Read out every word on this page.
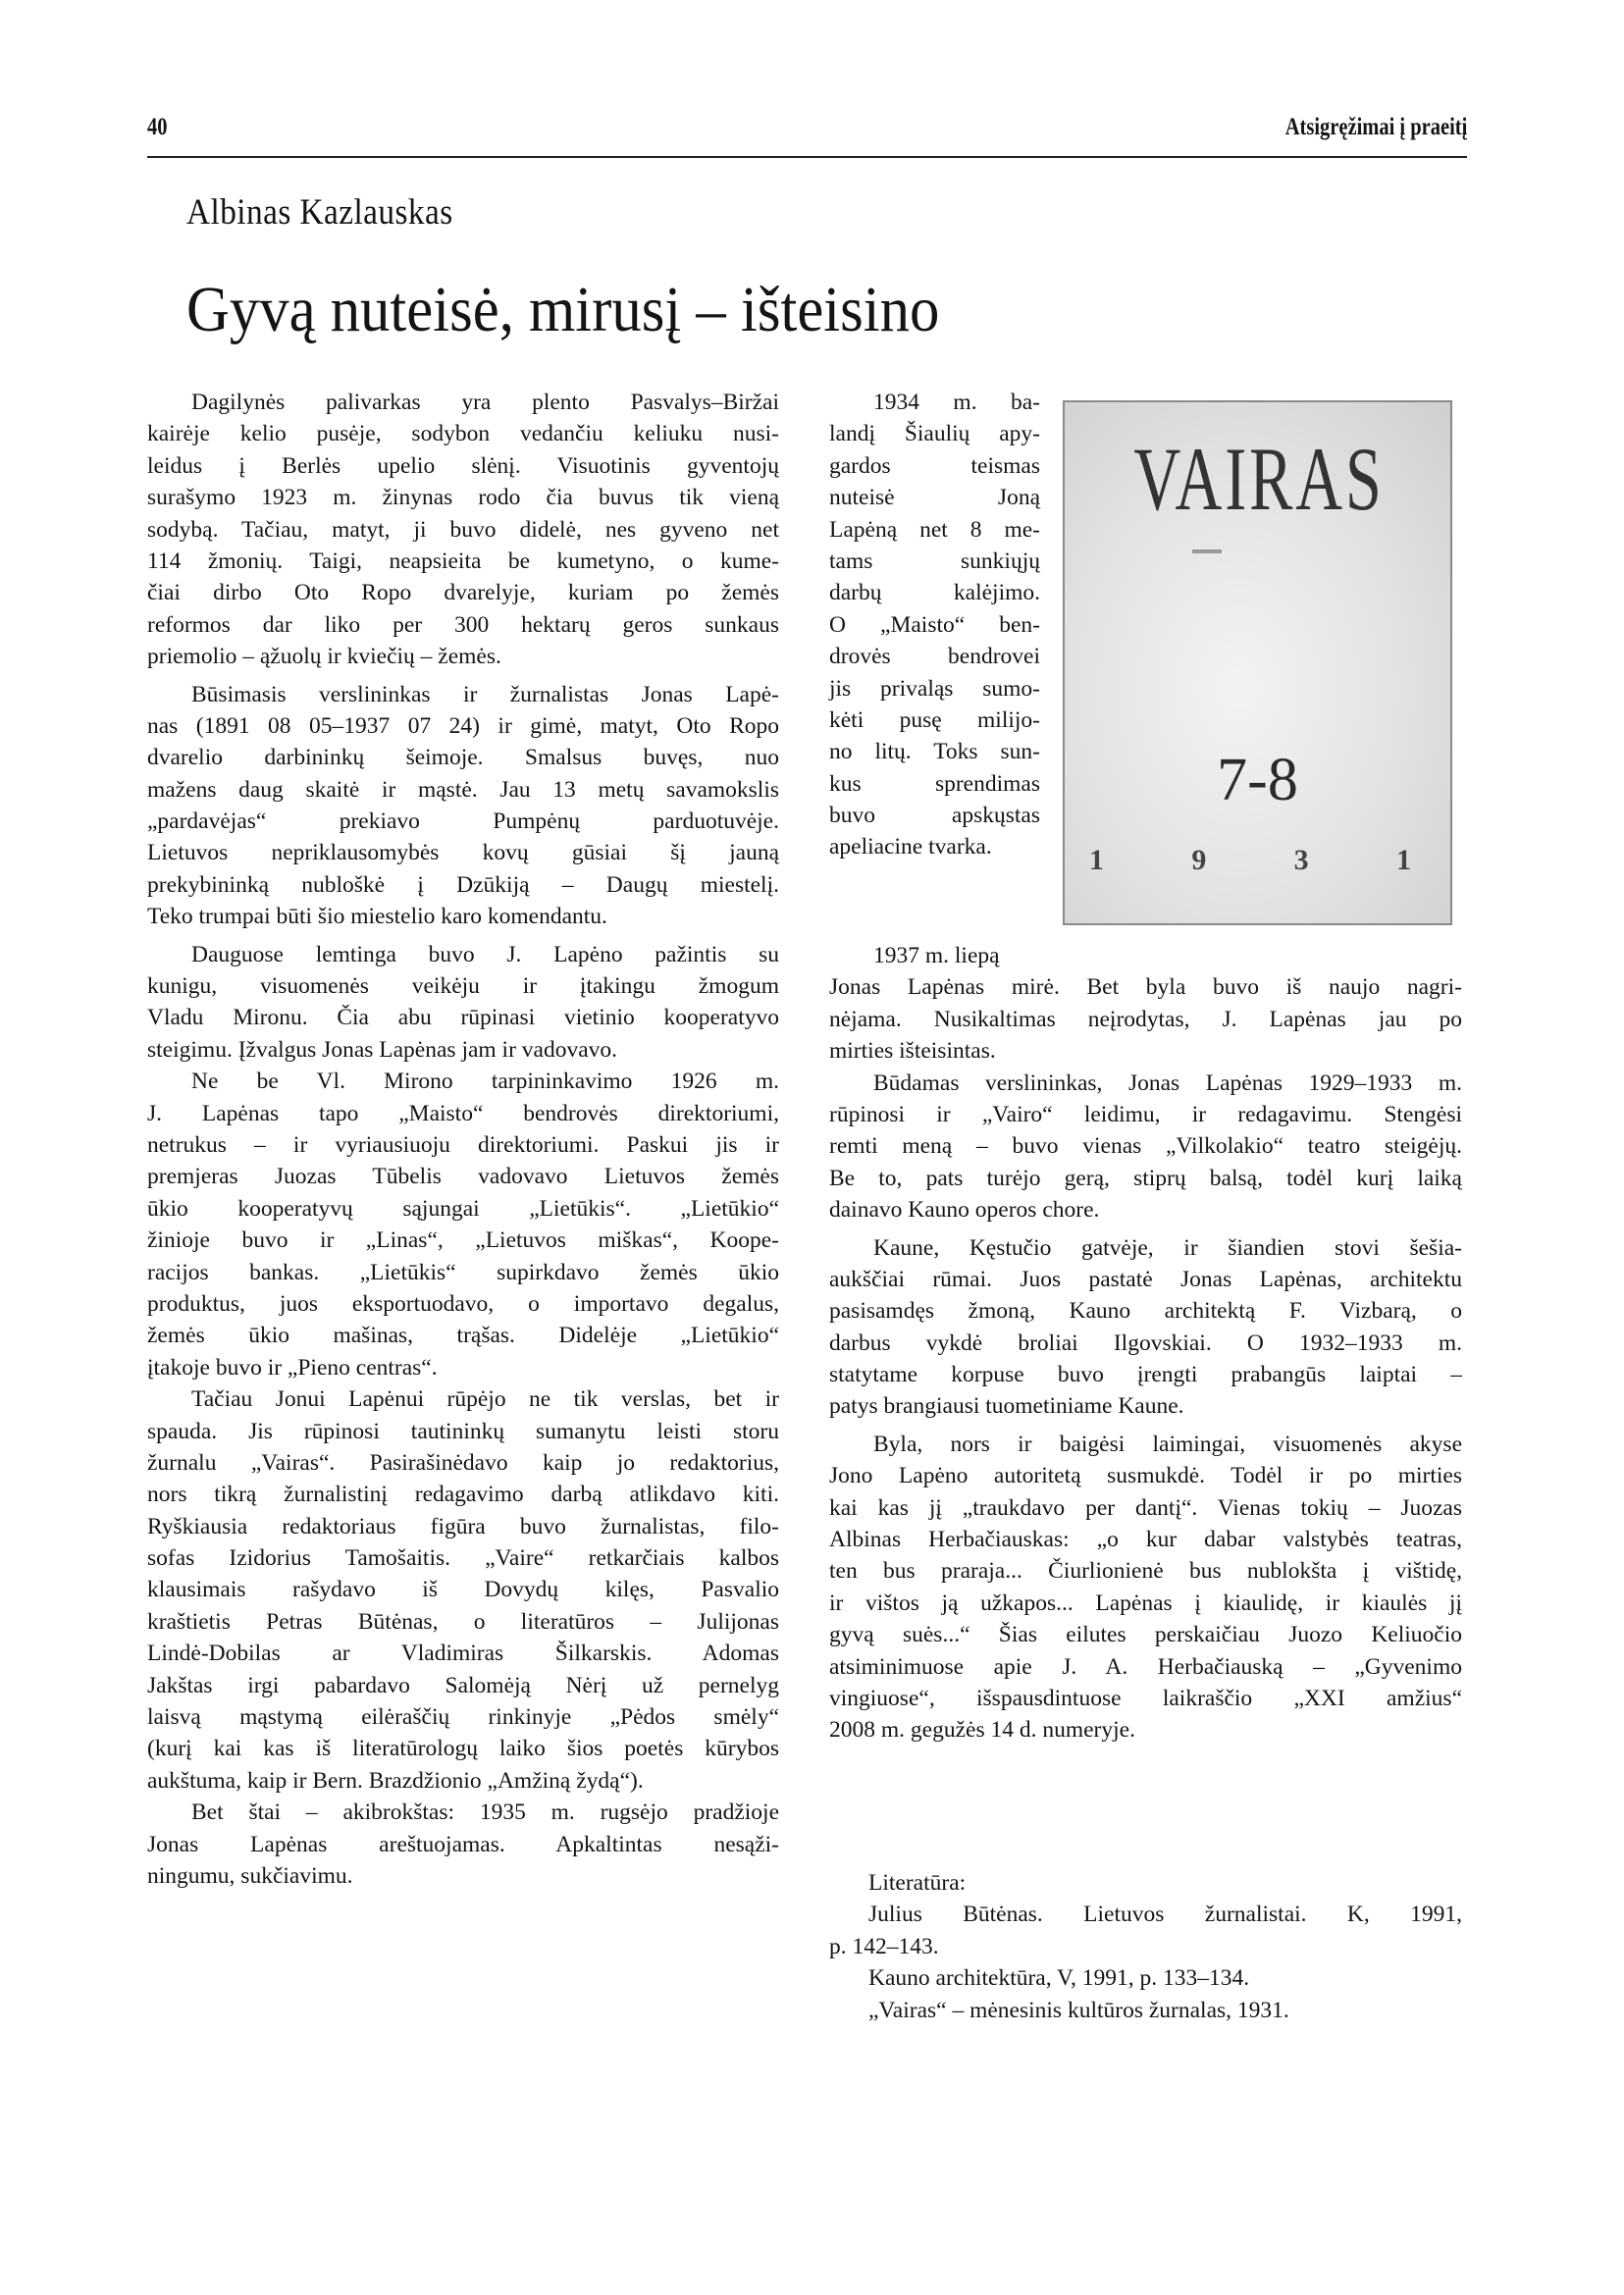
40	Atsigręžimai į praeitį
Albinas Kazlauskas
Gyvą nuteisė, mirusį – išteisino
Dagilynės palivarkas yra plento Pasvalys–Biržai
kairėje kelio pusėje, sodybon vedančiu keliuku nusi-
leidus į Berlės upelio slėnį. Visuotinis gyventojų
surašymo 1923 m. žinynas rodo čia buvus tik vieną
sodybą. Tačiau, matyt, ji buvo didelė, nes gyveno net
114 žmonių. Taigi, neapsieita be kumetyno, o kume-
čiai dirbo Oto Ropo dvarelyje, kuriam po žemės
reformos dar liko per 300 hektarų geros sunkaus
priemolio – ąžuolų ir kviečių – žemės.
Būsimasis verslininkas ir žurnalistas Jonas Lapė-
nas (1891 08 05–1937 07 24) ir gimė, matyt, Oto Ropo
dvarelio darbininkų šeimoje. Smalsus buvęs, nuo
mažens daug skaitė ir mąstė. Jau 13 metų savamokslis
„pardavėjas“ prekiavo Pumpėnų parduotuvėje.
Lietuvos nepriklausomybės kovų gūsiai šį jauną
prekybininką nubloškė į Dzūkiją – Daugų miestelį.
Teko trumpai būti šio miestelio karo komendantu.
Dauguose lemtinga buvo J. Lapėno pažintis su
kunigu, visuomenės veikėju ir įtakingu žmogum
Vladu Mironu. Čia abu rūpinasi vietinio kooperatyvo
steigimu. Įžvalgus Jonas Lapėnas jam ir vadovavo.
Ne be Vl. Mirono tarpininkavimo 1926 m.
J. Lapėnas tapo „Maisto“ bendrovės direktoriumi,
netrukus – ir vyriausiuoju direktoriumi. Paskui jis ir
premjeras Juozas Tūbelis vadovavo Lietuvos žemės
ūkio kooperatyvų sąjungai „Lietūkis“. „Lietūkio“
žinioje buvo ir „Linas“, „Lietuvos miškas“, Koope-
racijos bankas. „Lietūkis“ supirkdavo žemės ūkio
produktus, juos eksportuodavo, o importavo degalus,
žemės ūkio mašinas, trąšas. Didelėje „Lietūkio“
įtakoje buvo ir „Pieno centras“.
Tačiau Jonui Lapėnui rūpėjo ne tik verslas, bet ir
spauda. Jis rūpinosi tautininkų sumanytu leisti storu
žurnalu „Vairas“. Pasirašinėdavo kaip jo redaktorius,
nors tikrą žurnalistinį redagavimo darbą atlikdavo kiti.
Ryškiausia redaktoriaus figūra buvo žurnalistas, filo-
sofas Izidorius Tamošaitis. „Vaire“ retkarčiais kalbos
klausimais rašydavo iš Dovydų kilęs, Pasvalio
kraštietis Petras Būtėnas, o literatūros – Julijonas
Lindė-Dobilas ar Vladimiras Šilkarskis. Adomas
Jakštas irgi pabardavo Salomėją Nėrį už pernelyg
laisvą mąstymą eilėraščių rinkinyje „Pėdos smėly“
(kurį kai kas iš literatūrologų laiko šios poetės kūrybos
aukštuma, kaip ir Bern. Brazdžionio „Amžiną žydą“).
Bet štai – akibrokštas: 1935 m. rugsėjo pradžioje
Jonas Lapėnas areštuojamas. Apkaltintas nesąži-
ningumu, sukčiavimu.
1934 m. ba-
landį Šiaulių apy-
gardos teismas
nuteisė Joną
Lapėną net 8 me-
tams sunkiųjų
darbų kalėjimo.
O „Maisto“ ben-
drovės bendrovei
jis privaląs sumo-
kėti pusę milijo-
no litų. Toks sun-
kus sprendimas
buvo apskųstas
apeliacine tvarka.
VAIRAS
7-8
1	9	3	1
1937 m. liepą
Jonas Lapėnas mirė. Bet byla buvo iš naujo nagri-
nėjama. Nusikaltimas neįrodytas, J. Lapėnas jau po
mirties išteisintas.
Būdamas verslininkas, Jonas Lapėnas 1929–1933 m.
rūpinosi ir „Vairo“ leidimu, ir redagavimu. Stengėsi
remti meną – buvo vienas „Vilkolakio“ teatro steigėjų.
Be to, pats turėjo gerą, stiprų balsą, todėl kurį laiką
dainavo Kauno operos chore.
Kaune, Kęstučio gatvėje, ir šiandien stovi šešia-
aukščiai rūmai. Juos pastatė Jonas Lapėnas, architektu
pasisamdęs žmoną, Kauno architektą F. Vizbarą, o
darbus vykdė broliai Ilgovskiai. O 1932–1933 m.
statytame korpuse buvo įrengti prabangūs laiptai –
patys brangiausi tuometiniame Kaune.
Byla, nors ir baigėsi laimingai, visuomenės akyse
Jono Lapėno autoritetą susmukdė. Todėl ir po mirties
kai kas jį „traukdavo per dantį“. Vienas tokių – Juozas
Albinas Herbačiauskas: „o kur dabar valstybės teatras,
ten bus praraja... Čiurlionienė bus nublokšta į vištidę,
ir vištos ją užkapos... Lapėnas į kiaulidę, ir kiaulės jį
gyvą suės...“ Šias eilutes perskaičiau Juozo Keliuočio
atsiminimuose apie J. A. Herbačiauską – „Gyvenimo
vingiuose“, išspausdintuose laikraščio „XXI amžius“
2008 m. gegužės 14 d. numeryje.
Literatūra:
Julius Būtėnas. Lietuvos žurnalistai. K, 1991,
p. 142–143.
Kauno architektūra, V, 1991, p. 133–134.
„Vairas“ – mėnesinis kultūros žurnalas, 1931.
